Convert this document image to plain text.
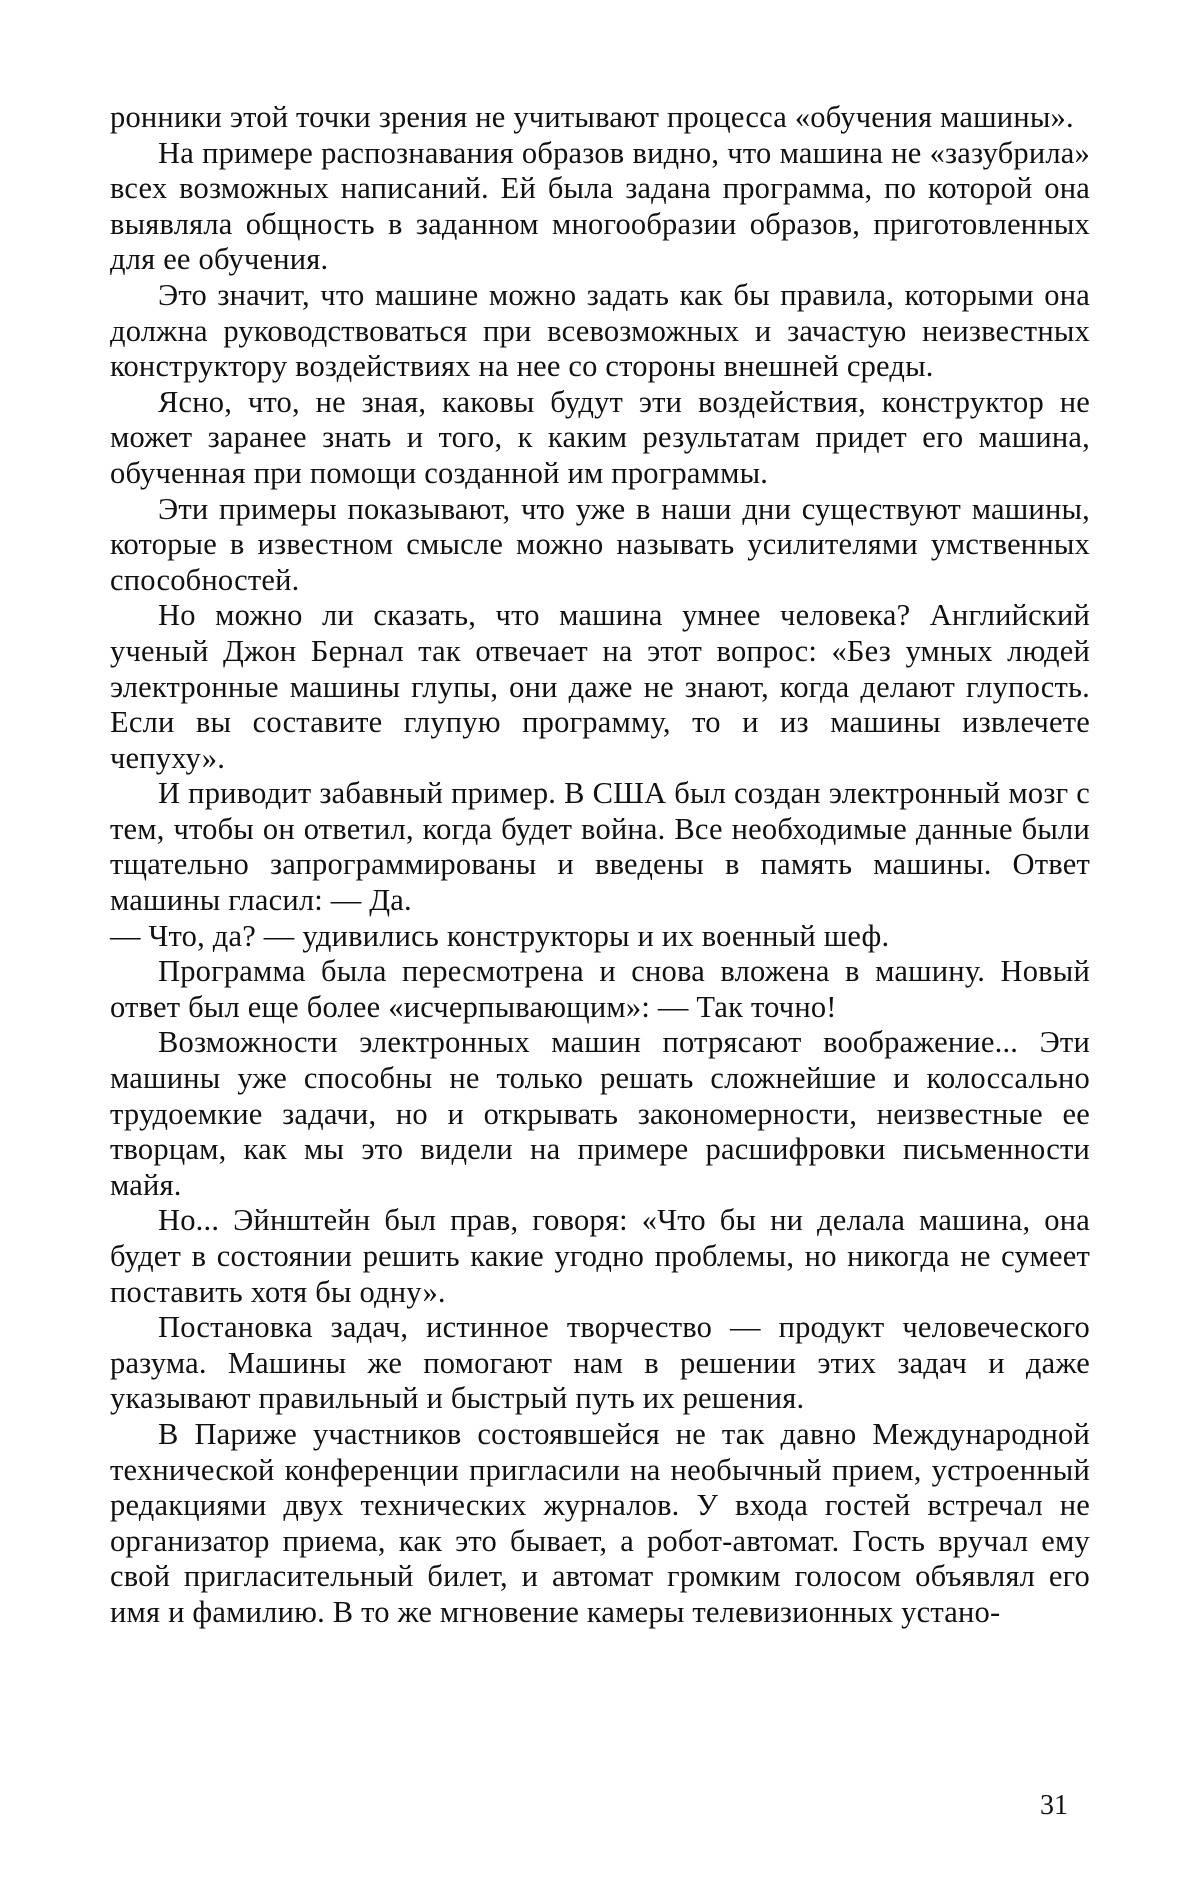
ронники этой точки зрения не учитывают процесса «обучения машины».

На примере распознавания образов видно, что машина не «зазубрила» всех возможных написаний. Ей была задана программа, по которой она выявляла общность в заданном многообразии образов, приготовленных для ее обучения.

Это значит, что машине можно задать как бы правила, которыми она должна руководствоваться при всевозможных и зачастую неизвестных конструктору воздействиях на нее со стороны внешней среды.

Ясно, что, не зная, каковы будут эти воздействия, конструктор не может заранее знать и того, к каким результатам придет его машина, обученная при помощи созданной им программы.

Эти примеры показывают, что уже в наши дни существуют машины, которые в известном смысле можно называть усилителями умственных способностей.

Но можно ли сказать, что машина умнее человека? Английский ученый Джон Бернал так отвечает на этот вопрос: «Без умных людей электронные машины глупы, они даже не знают, когда делают глупость. Если вы составите глупую программу, то и из машины извлечете чепуху».

И приводит забавный пример. В США был создан электронный мозг с тем, чтобы он ответил, когда будет война. Все необходимые данные были тщательно запрограммированы и введены в память машины. Ответ машины гласил: — Да.

— Что, да? — удивились конструкторы и их военный шеф.

Программа была пересмотрена и снова вложена в машину. Новый ответ был еще более «исчерпывающим»: — Так точно!

Возможности электронных машин потрясают воображение... Эти машины уже способны не только решать сложнейшие и колоссально трудоемкие задачи, но и открывать закономерности, неизвестные ее творцам, как мы это видели на примере расшифровки письменности майя.

Но... Эйнштейн был прав, говоря: «Что бы ни делала машина, она будет в состоянии решить какие угодно проблемы, но никогда не сумеет поставить хотя бы одну».

Постановка задач, истинное творчество — продукт человеческого разума. Машины же помогают нам в решении этих задач и даже указывают правильный и быстрый путь их решения.

В Париже участников состоявшейся не так давно Международной технической конференции пригласили на необычный прием, устроенный редакциями двух технических журналов. У входа гостей встречал не организатор приема, как это бывает, а робот-автомат. Гость вручал ему свой пригласительный билет, и автомат громким голосом объявлял его имя и фамилию. В то же мгновение камеры телевизионных устано-

31
